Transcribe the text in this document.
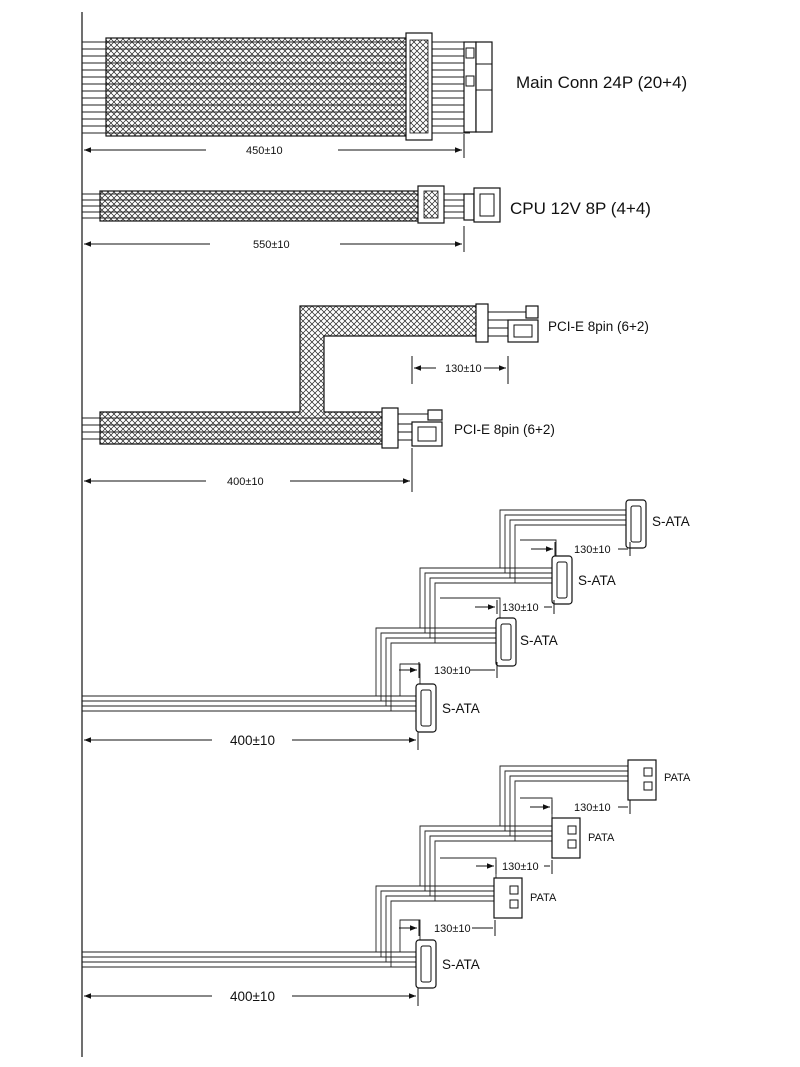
Main Conn 24P (20+4)
450±10
CPU 12V 8P (4+4)
550±10
PCI-E 8pin (6+2)
PCI-E 8pin (6+2)
130±10
400±10
S-ATA
S-ATA
S-ATA
S-ATA
130±10
130±10
130±10
400±10
PATA
PATA
PATA
S-ATA
130±10
130±10
130±10
400±10
